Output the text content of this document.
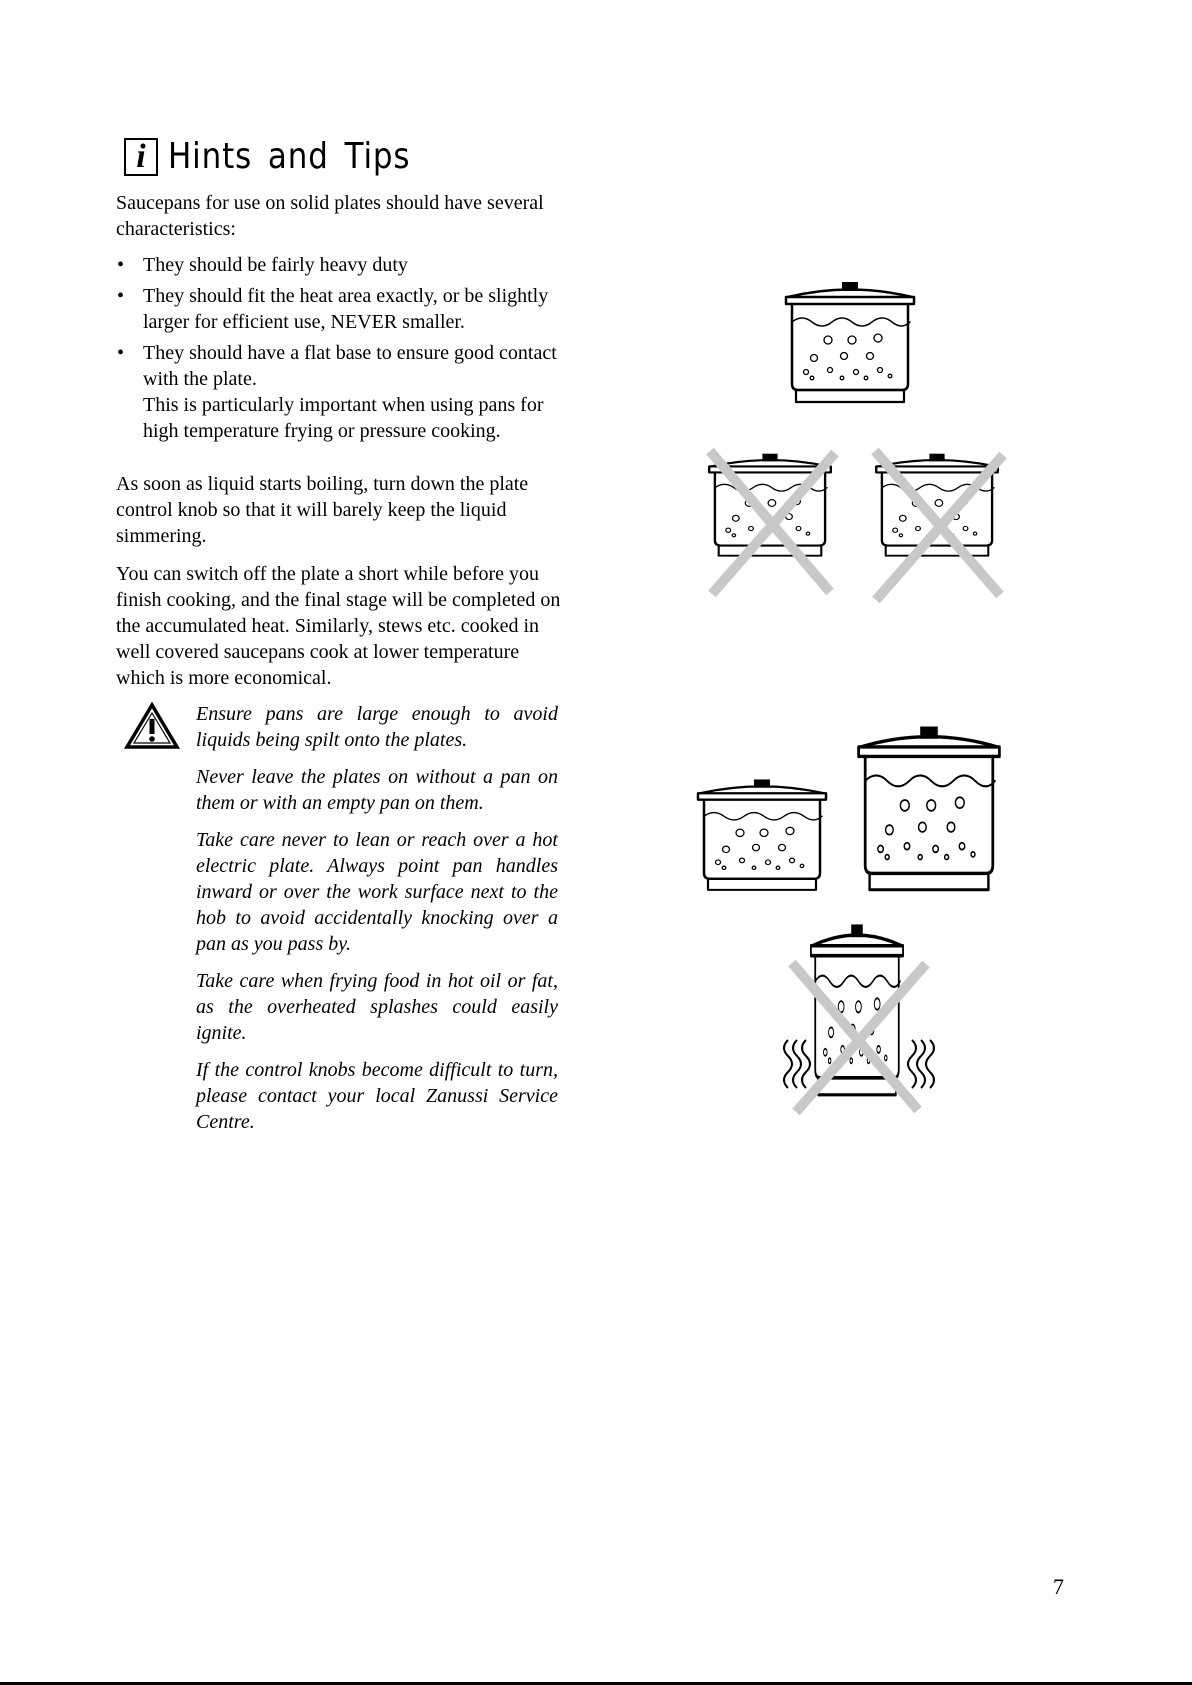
i Hints and Tips

Saucepans for use on solid plates should have several characteristics:

• They should be fairly heavy duty
• They should fit the heat area exactly, or be slightly larger for efficient use, NEVER smaller.
• They should have a flat base to ensure good contact with the plate.
This is particularly important when using pans for high temperature frying or pressure cooking.

As soon as liquid starts boiling, turn down the plate control knob so that it will barely keep the liquid simmering.

You can switch off the plate a short while before you finish cooking, and the final stage will be completed on the accumulated heat. Similarly, stews etc. cooked in well covered saucepans cook at lower temperature which is more economical.

Ensure pans are large enough to avoid liquids being spilt onto the plates.

Never leave the plates on without a pan on them or with an empty pan on them.

Take care never to lean or reach over a hot electric plate. Always point pan handles inward or over the work surface next to the hob to avoid accidentally knocking over a pan as you pass by.

Take care when frying food in hot oil or fat, as the overheated splashes could easily ignite.

If the control knobs become difficult to turn, please contact your local Zanussi Service Centre.

7
